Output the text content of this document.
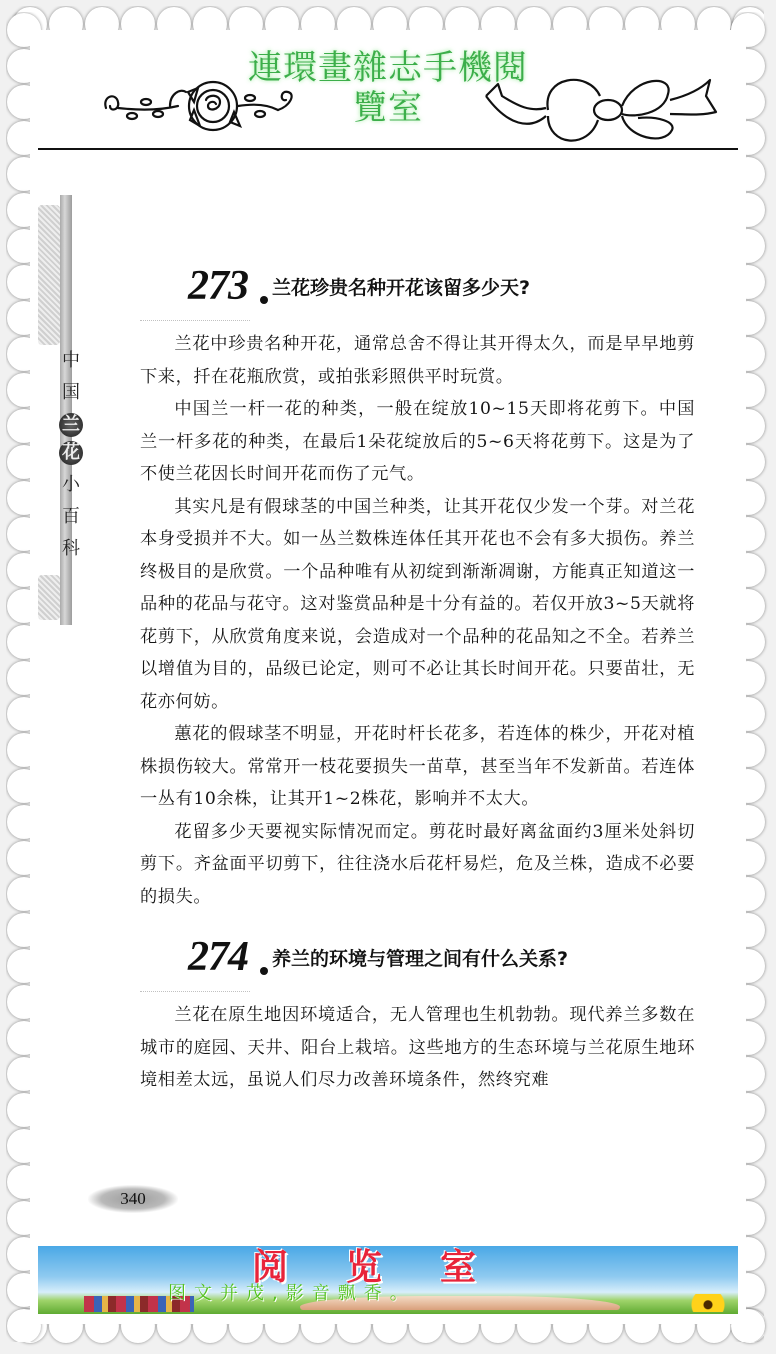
連環畫雜志手機閱
覽室
中
国
兰
花
小
百
科
273 兰花珍贵名种开花该留多少天?

兰花中珍贵名种开花，通常总舍不得让其开得太久，而是早早地剪下来，扦在花瓶欣赏，或拍张彩照供平时玩赏。

中国兰一杆一花的种类，一般在绽放10~15天即将花剪下。中国兰一杆多花的种类，在最后1朵花绽放后的5~6天将花剪下。这是为了不使兰花因长时间开花而伤了元气。

其实凡是有假球茎的中国兰种类，让其开花仅少发一个芽。对兰花本身受损并不大。如一丛兰数株连体任其开花也不会有多大损伤。养兰终极目的是欣赏。一个品种唯有从初绽到渐渐凋谢，方能真正知道这一品种的花品与花守。这对鉴赏品种是十分有益的。若仅开放3~5天就将花剪下，从欣赏角度来说，会造成对一个品种的花品知之不全。若养兰以增值为目的，品级已论定，则可不必让其长时间开花。只要苗壮，无花亦何妨。

蕙花的假球茎不明显，开花时杆长花多，若连体的株少，开花对植株损伤较大。常常开一枝花要损失一苗草，甚至当年不发新苗。若连体一丛有10余株，让其开1~2株花，影响并不太大。

花留多少天要视实际情况而定。剪花时最好离盆面约3厘米处斜切剪下。齐盆面平切剪下，往往浇水后花杆易烂，危及兰株，造成不必要的损失。

274 养兰的环境与管理之间有什么关系?

兰花在原生地因环境适合，无人管理也生机勃勃。现代养兰多数在城市的庭园、天井、阳台上栽培。这些地方的生态环境与兰花原生地环境相差太远，虽说人们尽力改善环境条件，然终究难

340
阅览室
图文并茂,影音飘香。
